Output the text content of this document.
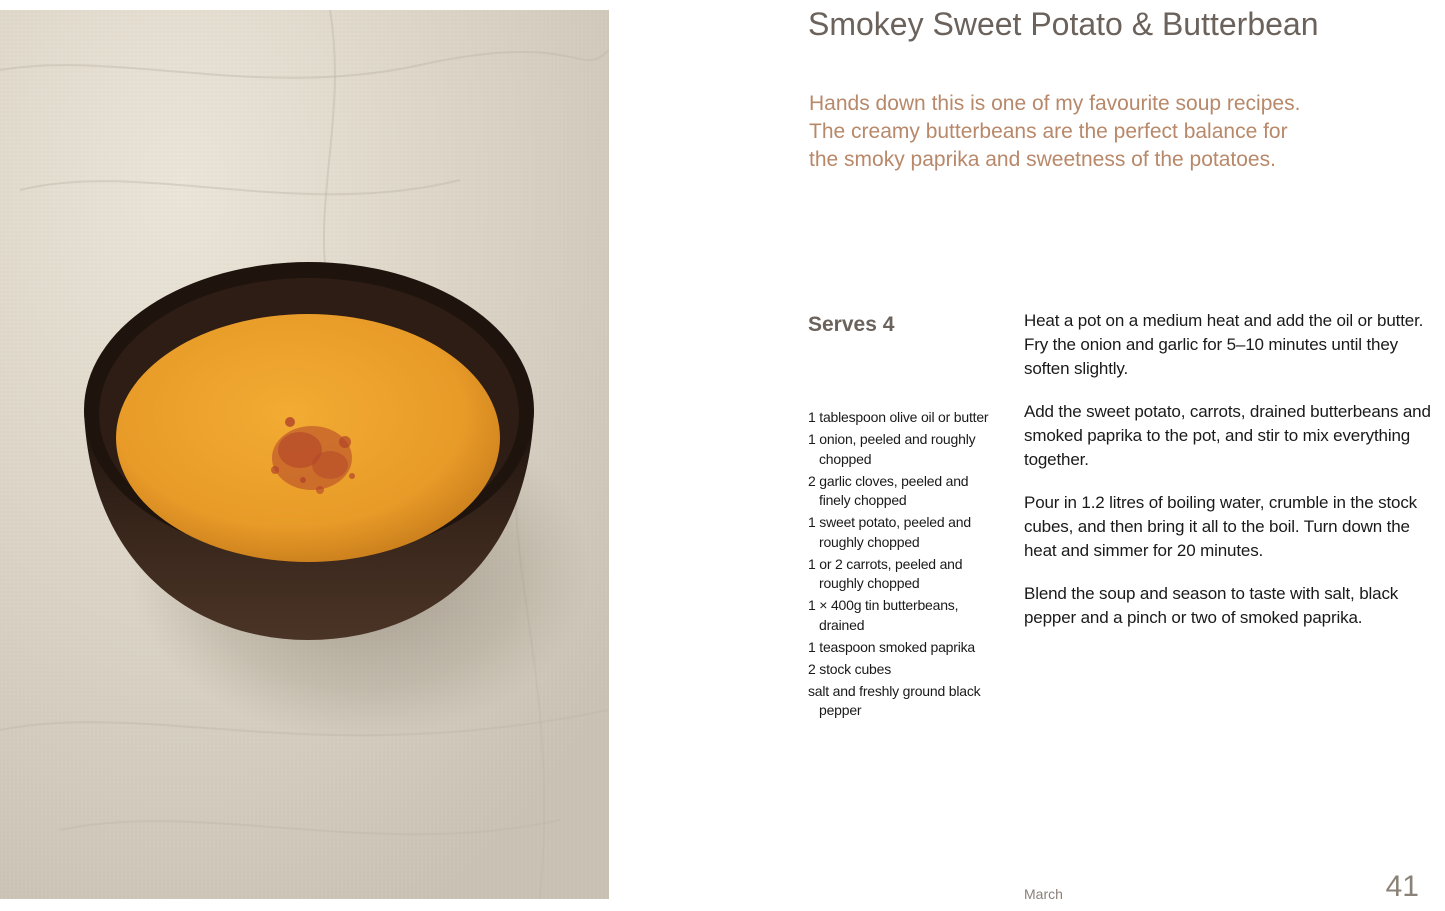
Smokey Sweet Potato & Butterbean

Hands down this is one of my favourite soup recipes.
The creamy butterbeans are the perfect balance for
the smoky paprika and sweetness of the potatoes.

Serves 4
1 tablespoon olive oil or butter
1 onion, peeled and roughly chopped
2 garlic cloves, peeled and finely chopped
1 sweet potato, peeled and roughly chopped
1 or 2 carrots, peeled and roughly chopped
1 × 400g tin butterbeans, drained
1 teaspoon smoked paprika
2 stock cubes
salt and freshly ground black pepper

Heat a pot on a medium heat and add the oil or butter. Fry the onion and garlic for 5–10 minutes until they soften slightly.

Add the sweet potato, carrots, drained butterbeans and smoked paprika to the pot, and stir to mix everything together.

Pour in 1.2 litres of boiling water, crumble in the stock cubes, and then bring it all to the boil. Turn down the heat and simmer for 20 minutes.

Blend the soup and season to taste with salt, black pepper and a pinch or two of smoked paprika.

March	41
